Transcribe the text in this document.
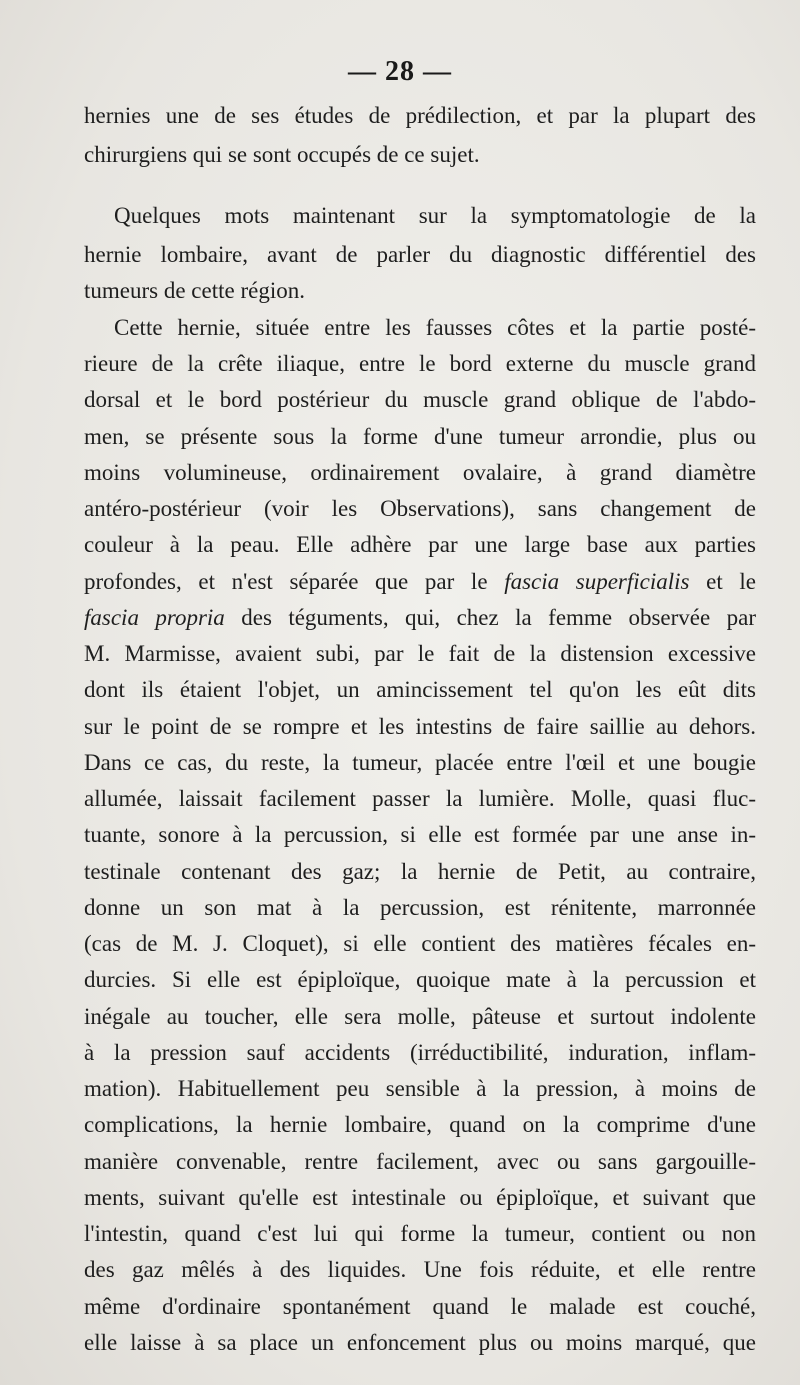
— 28 —
hernies une de ses études de prédilection, et par la plupart des
chirurgiens qui se sont occupés de ce sujet.
Quelques mots maintenant sur la symptomatologie de la
hernie lombaire, avant de parler du diagnostic différentiel des
tumeurs de cette région.
Cette hernie, située entre les fausses côtes et la partie posté-
rieure de la crête iliaque, entre le bord externe du muscle grand
dorsal et le bord postérieur du muscle grand oblique de l'abdo-
men, se présente sous la forme d'une tumeur arrondie, plus ou
moins volumineuse, ordinairement ovalaire, à grand diamètre
antéro-postérieur (voir les Observations), sans changement de
couleur à la peau. Elle adhère par une large base aux parties
profondes, et n'est séparée que par le fascia superficialis et le
fascia propria des téguments, qui, chez la femme observée par
M. Marmisse, avaient subi, par le fait de la distension excessive
dont ils étaient l'objet, un amincissement tel qu'on les eût dits
sur le point de se rompre et les intestins de faire saillie au dehors.
Dans ce cas, du reste, la tumeur, placée entre l'œil et une bougie
allumée, laissait facilement passer la lumière. Molle, quasi fluc-
tuante, sonore à la percussion, si elle est formée par une anse in-
testinale contenant des gaz; la hernie de Petit, au contraire,
donne un son mat à la percussion, est rénitente, marronnée
(cas de M. J. Cloquet), si elle contient des matières fécales en-
durcies. Si elle est épiploïque, quoique mate à la percussion et
inégale au toucher, elle sera molle, pâteuse et surtout indolente
à la pression sauf accidents (irréductibilité, induration, inflam-
mation). Habituellement peu sensible à la pression, à moins de
complications, la hernie lombaire, quand on la comprime d'une
manière convenable, rentre facilement, avec ou sans gargouille-
ments, suivant qu'elle est intestinale ou épiploïque, et suivant que
l'intestin, quand c'est lui qui forme la tumeur, contient ou non
des gaz mêlés à des liquides. Une fois réduite, et elle rentre
même d'ordinaire spontanément quand le malade est couché,
elle laisse à sa place un enfoncement plus ou moins marqué, que
